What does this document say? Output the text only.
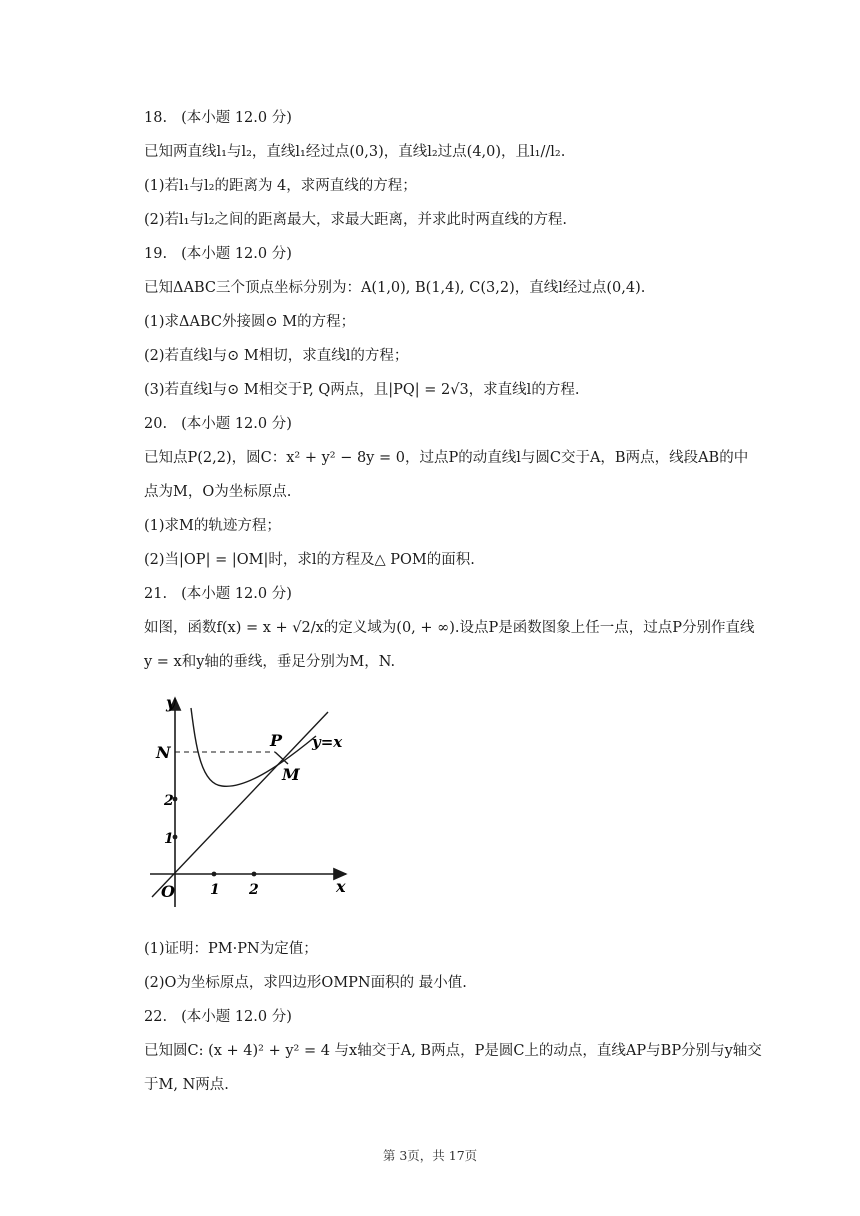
18. (本小题 12.0 分)
已知两直线l₁与l₂，直线l₁经过点(0,3)，直线l₂过点(4,0)，且l₁//l₂.
(1)若l₁与l₂的距离为 4，求两直线的方程；
(2)若l₁与l₂之间的距离最大，求最大距离，并求此时两直线的方程.
19. (本小题 12.0 分)
已知ΔABC三个顶点坐标分别为：A(1,0), B(1,4), C(3,2)，直线l经过点(0,4).
(1)求ΔABC外接圆⊙ M的方程；
(2)若直线l与⊙ M相切，求直线l的方程；
(3)若直线l与⊙ M相交于P, Q两点，且|PQ| = 2√3，求直线l的方程.
20. (本小题 12.0 分)
已知点P(2,2)，圆C：x² + y² − 8y = 0，过点P的动直线l与圆C交于A，B两点，线段AB的中
点为M，O为坐标原点.
(1)求M的轨迹方程；
(2)当|OP| = |OM|时，求l的方程及△ POM的面积.
21. (本小题 12.0 分)
如图，函数f(x) = x + √2/x的定义域为(0, + ∞).设点P是函数图象上任一点，过点P分别作直线
y = x和y轴的垂线，垂足分别为M，N.
y
x
O
N
P
M
y=x
1
2
1 2
(1)证明：PM·PN为定值；
(2)O为坐标原点，求四边形OMPN面积的 最小值.
22. (本小题 12.0 分)
已知圆C: (x + 4)² + y² = 4 与x轴交于A, B两点，P是圆C上的动点，直线AP与BP分别与y轴交
于M, N两点.
第 3页，共 17页
